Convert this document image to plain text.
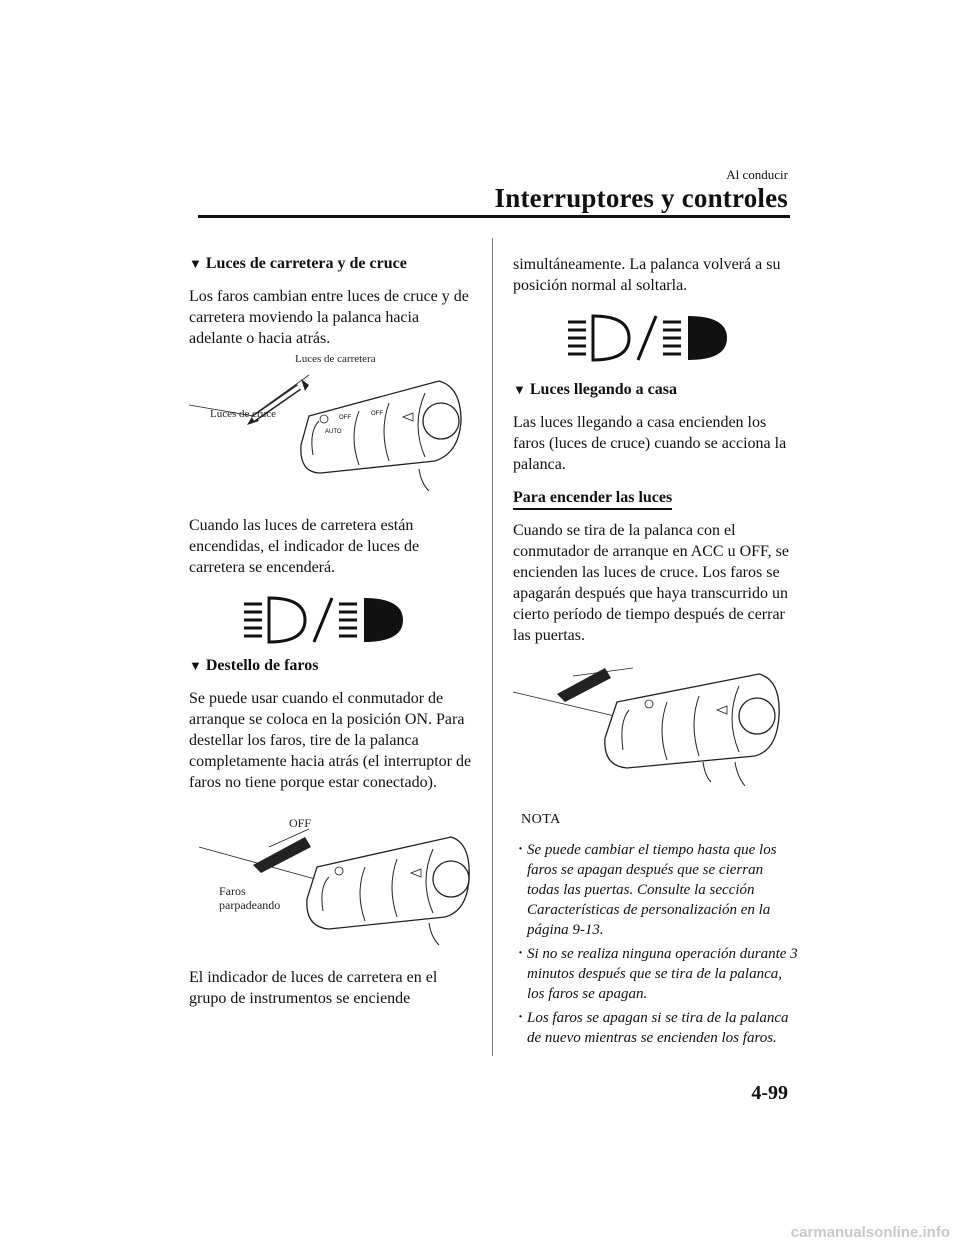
Al conducir
Interruptores y controles
▼ Luces de carretera y de cruce

Los faros cambian entre luces de cruce y de carretera moviendo la palanca hacia adelante o hacia atrás.

OFF
AUTO
OFF
Luces de carretera
Luces de cruce

Cuando las luces de carretera están encendidas, el indicador de luces de carretera se encenderá.

▼ Destello de faros

Se puede usar cuando el conmutador de arranque se coloca en la posición ON. Para destellar los faros, tire de la palanca completamente hacia atrás (el interruptor de faros no tiene porque estar conectado).

OFF
Faros
parpadeando

El indicador de luces de carretera en el grupo de instrumentos se enciende

simultáneamente. La palanca volverá a su posición normal al soltarla.

▼ Luces llegando a casa

Las luces llegando a casa encienden los faros (luces de cruce) cuando se acciona la palanca.

Para encender las luces

Cuando se tira de la palanca con el conmutador de arranque en ACC u OFF, se encienden las luces de cruce. Los faros se apagarán después que haya transcurrido un cierto período de tiempo después de cerrar las puertas.

NOTA
· Se puede cambiar el tiempo hasta que los faros se apagan después que se cierran todas las puertas. Consulte la sección Características de personalización en la página 9-13.
· Si no se realiza ninguna operación durante 3 minutos después que se tira de la palanca, los faros se apagan.
· Los faros se apagan si se tira de la palanca de nuevo mientras se encienden los faros.
4-99
carmanualsonline.info
